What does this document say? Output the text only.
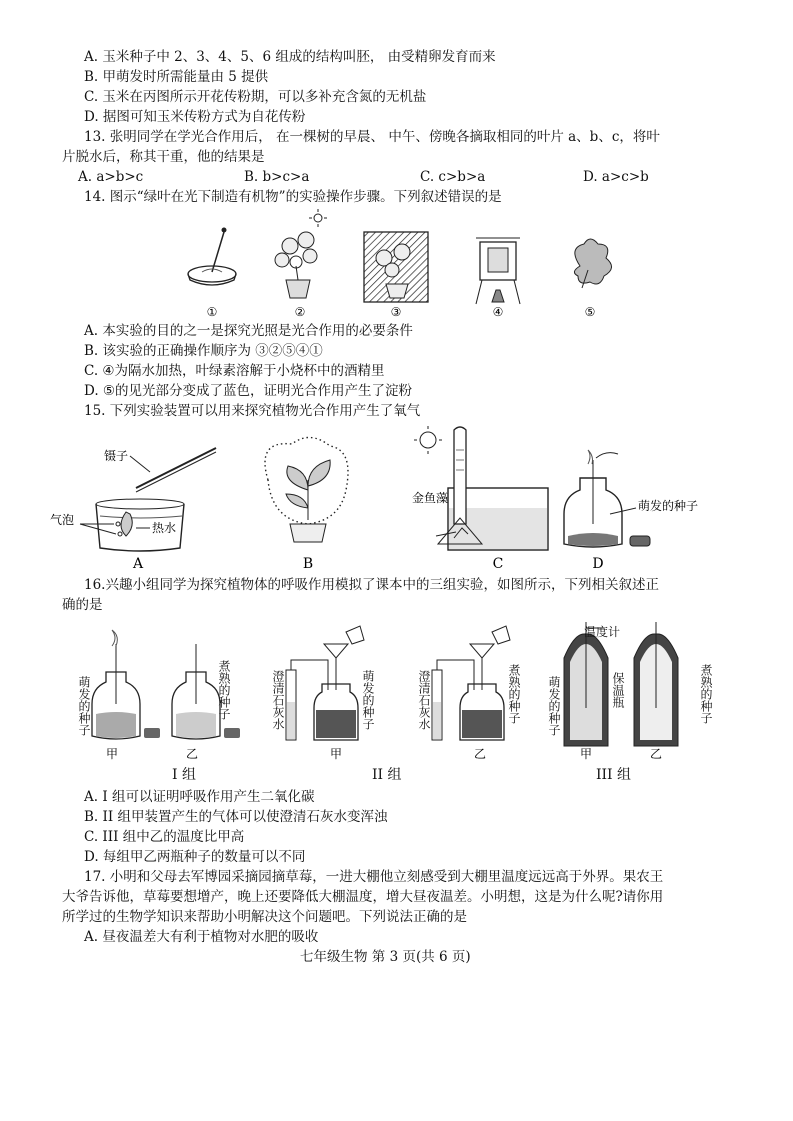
A. 玉米种子中 2、3、4、5、6 组成的结构叫胚， 由受精卵发育而来
B. 甲萌发时所需能量由 5 提供
C. 玉米在丙图所示开花传粉期，可以多补充含氮的无机盐
D. 据图可知玉米传粉方式为自花传粉
13. 张明同学在学光合作用后， 在一棵树的早晨、 中午、傍晚各摘取相同的叶片 a、b、c，将叶
片脱水后，称其干重，他的结果是
A. a>b>c	B. b>c>a	C. c>b>a	D. a>c>b
14. 图示“绿叶在光下制造有机物”的实验操作步骤。下列叙述错误的是
①	②	③	④	⑤
A. 本实验的目的之一是探究光照是光合作用的必要条件
B. 该实验的正确操作顺序为 ③②⑤④①
C. ④为隔水加热，叶绿素溶解于小烧杯中的酒精里
D. ⑤的见光部分变成了蓝色，证明光合作用产生了淀粉
15. 下列实验装置可以用来探究植物光合作用产生了氧气
镊子
气泡
热水
A	B
金鱼藻
C
萌发的种子
D
16.兴趣小组同学为探究植物体的呼吸作用模拟了课本中的三组实验，如图所示，下列相关叙述正
确的是
甲	乙	甲	乙	甲	乙
萌发的种子	煮熟的种子	澄清石灰水	萌发的种子	澄清石灰水	煮熟的种子 萌发的种子	保温瓶	煮熟的种子
温度计
I 组	II 组	III 组
A. I 组可以证明呼吸作用产生二氧化碳
B. II 组甲装置产生的气体可以使澄清石灰水变浑浊
C. III 组中乙的温度比甲高
D. 每组甲乙两瓶种子的数量可以不同
17. 小明和父母去军博园采摘园摘草莓，一进大棚他立刻感受到大棚里温度远远高于外界。果农王
大爷告诉他，草莓要想增产，晚上还要降低大棚温度，增大昼夜温差。小明想，这是为什么呢?请你用
所学过的生物学知识来帮助小明解决这个问题吧。下列说法正确的是
A. 昼夜温差大有利于植物对水肥的吸收
七年级生物 第 3 页(共 6 页)
